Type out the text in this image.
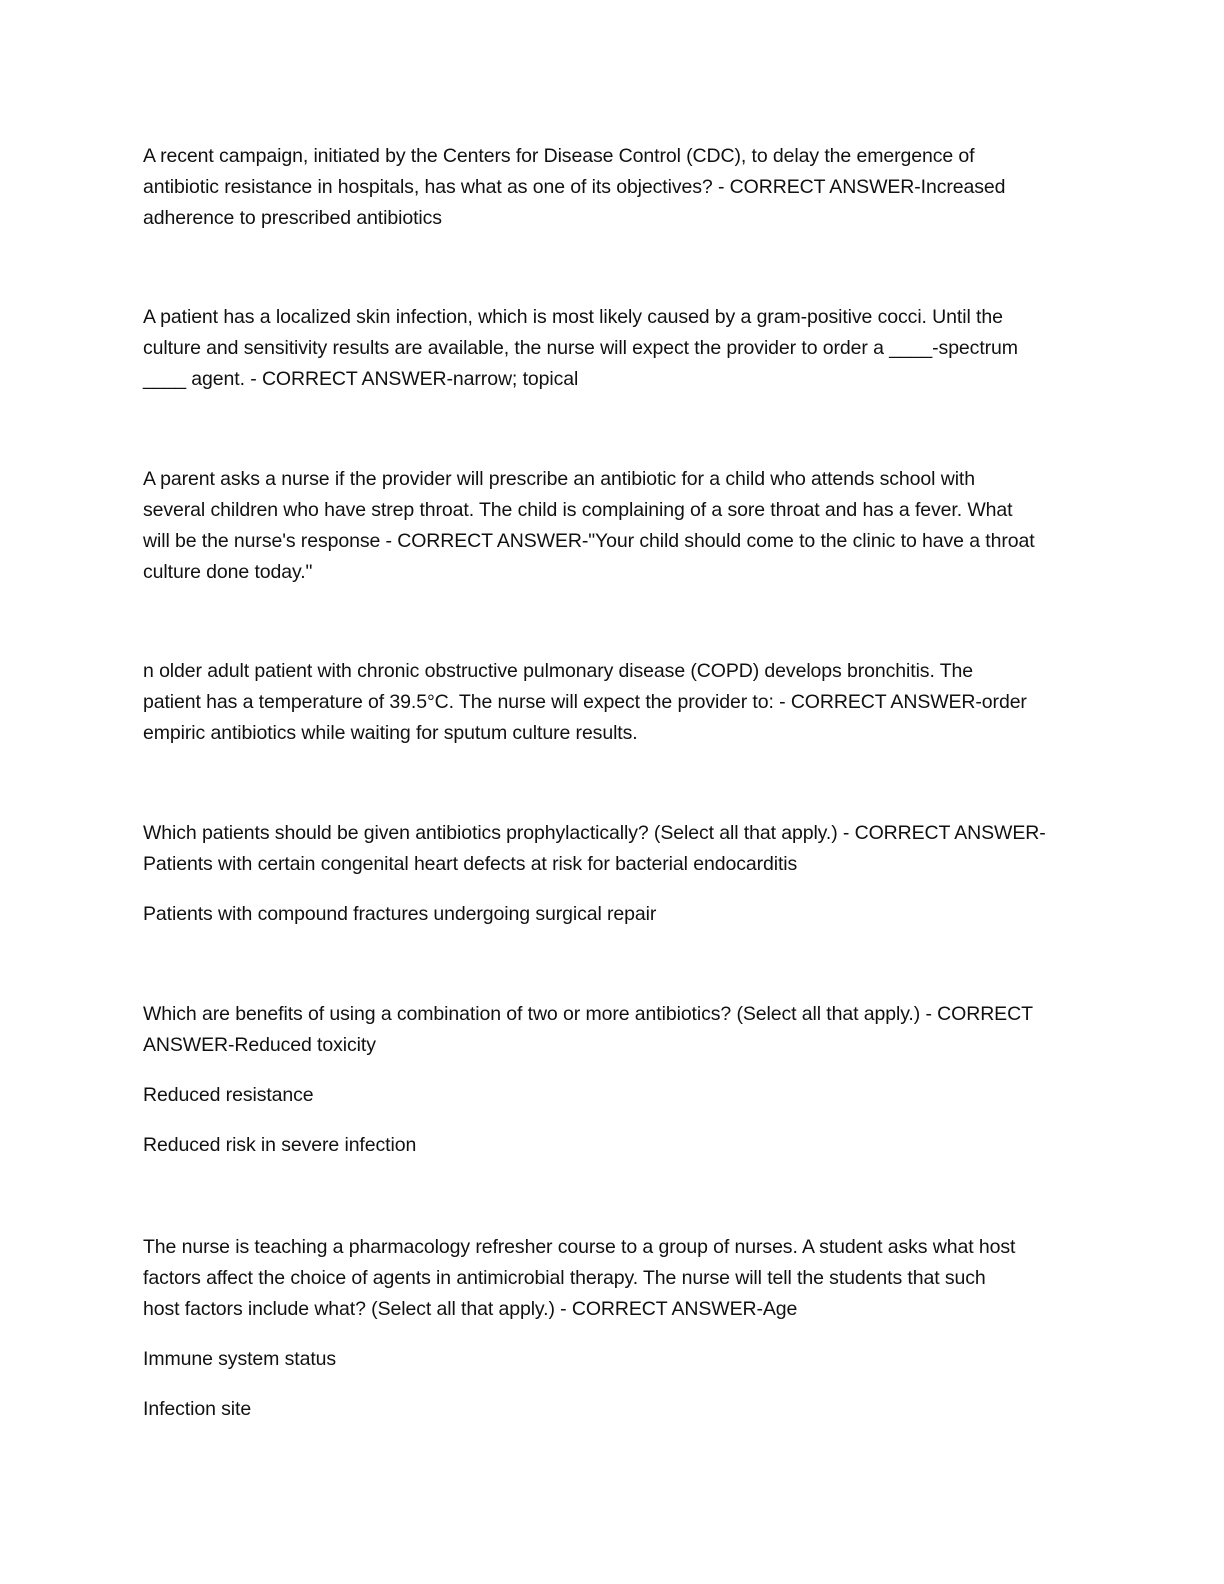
A recent campaign, initiated by the Centers for Disease Control (CDC), to delay the emergence of
antibiotic resistance in hospitals, has what as one of its objectives? - CORRECT ANSWER-Increased
adherence to prescribed antibiotics

A patient has a localized skin infection, which is most likely caused by a gram-positive cocci. Until the
culture and sensitivity results are available, the nurse will expect the provider to order a ____-spectrum
____ agent. - CORRECT ANSWER-narrow; topical

A parent asks a nurse if the provider will prescribe an antibiotic for a child who attends school with
several children who have strep throat. The child is complaining of a sore throat and has a fever. What
will be the nurse's response - CORRECT ANSWER-"Your child should come to the clinic to have a throat
culture done today."

n older adult patient with chronic obstructive pulmonary disease (COPD) develops bronchitis. The
patient has a temperature of 39.5°C. The nurse will expect the provider to: - CORRECT ANSWER-order
empiric antibiotics while waiting for sputum culture results.

Which patients should be given antibiotics prophylactically? (Select all that apply.) - CORRECT ANSWER-
Patients with certain congenital heart defects at risk for bacterial endocarditis

Patients with compound fractures undergoing surgical repair

Which are benefits of using a combination of two or more antibiotics? (Select all that apply.) - CORRECT
ANSWER-Reduced toxicity

Reduced resistance

Reduced risk in severe infection

The nurse is teaching a pharmacology refresher course to a group of nurses. A student asks what host
factors affect the choice of agents in antimicrobial therapy. The nurse will tell the students that such
host factors include what? (Select all that apply.) - CORRECT ANSWER-Age

Immune system status

Infection site
